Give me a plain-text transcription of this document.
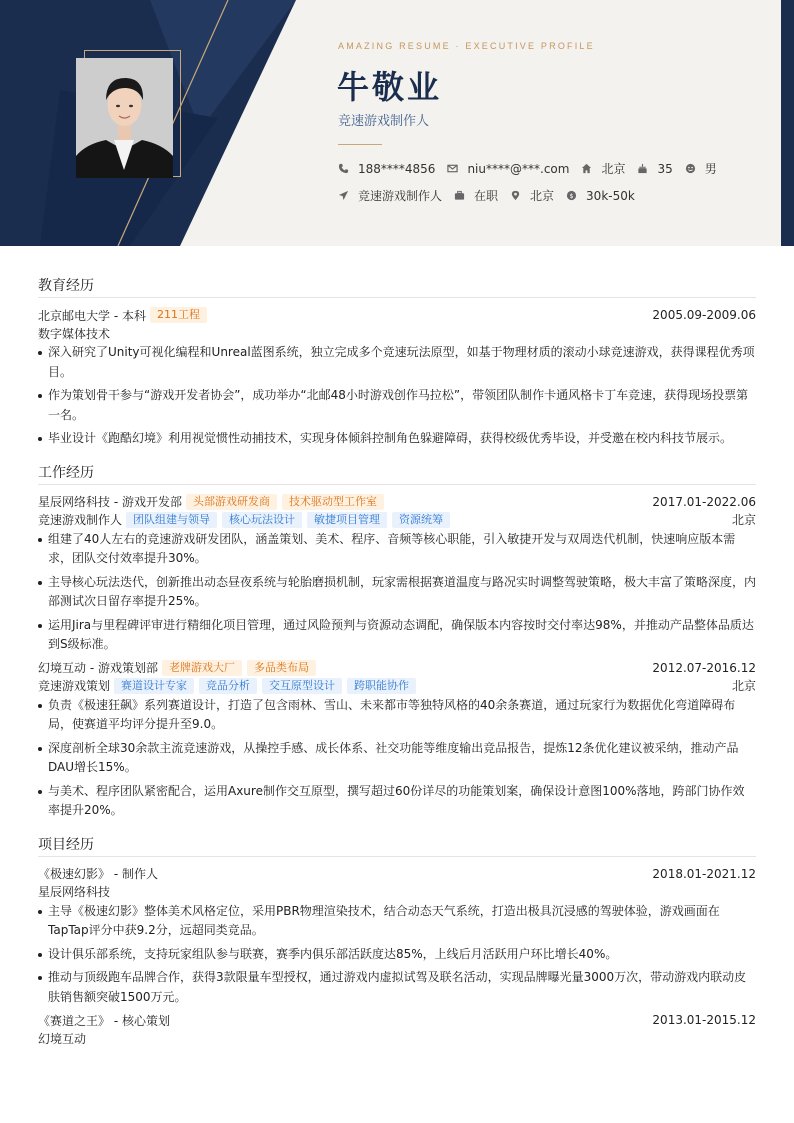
AMAZING RESUME · EXECUTIVE PROFILE
牛敬业
竞速游戏制作人
188****4856	niu****@***.com	北京	35	男
竞速游戏制作人	在职	北京 $ 30k-50k
教育经历
北京邮电大学 - 本科	211工程	2005.09-2009.06
数字媒体技术
深入研究了Unity可视化编程和Unreal蓝图系统，独立完成多个竞速玩法原型，如基于物理材质的滚动小球竞速游戏，获得课程优秀项目。
作为策划骨干参与“游戏开发者协会”，成功举办“北邮48小时游戏创作马拉松”，带领团队制作卡通风格卡丁车竞速，获得现场投票第一名。
毕业设计《跑酷幻境》利用视觉惯性动捕技术，实现身体倾斜控制角色躲避障碍，获得校级优秀毕设，并受邀在校内科技节展示。
工作经历
星辰网络科技 - 游戏开发部	头部游戏研发商	技术驱动型工作室	2017.01-2022.06
竞速游戏制作人	团队组建与领导	核心玩法设计	敏捷项目管理	资源统筹	北京
组建了40人左右的竞速游戏研发团队，涵盖策划、美术、程序、音频等核心职能，引入敏捷开发与双周迭代机制，快速响应版本需求，团队交付效率提升30%。
主导核心玩法迭代，创新推出动态昼夜系统与轮胎磨损机制，玩家需根据赛道温度与路况实时调整驾驶策略，极大丰富了策略深度，内部测试次日留存率提升25%。
运用Jira与里程碑评审进行精细化项目管理，通过风险预判与资源动态调配，确保版本内容按时交付率达98%，并推动产品整体品质达到S级标准。
幻境互动 - 游戏策划部	老牌游戏大厂	多品类布局	2012.07-2016.12
竞速游戏策划	赛道设计专家	竞品分析	交互原型设计	跨职能协作	北京
负责《极速狂飙》系列赛道设计，打造了包含雨林、雪山、未来都市等独特风格的40余条赛道，通过玩家行为数据优化弯道障碍布局，使赛道平均评分提升至9.0。
深度剖析全球30余款主流竞速游戏，从操控手感、成长体系、社交功能等维度输出竞品报告，提炼12条优化建议被采纳，推动产品DAU增长15%。
与美术、程序团队紧密配合，运用Axure制作交互原型，撰写超过60份详尽的功能策划案，确保设计意图100%落地，跨部门协作效率提升20%。
项目经历
《极速幻影》 - 制作人	2018.01-2021.12
星辰网络科技
主导《极速幻影》整体美术风格定位，采用PBR物理渲染技术，结合动态天气系统，打造出极具沉浸感的驾驶体验，游戏画面在TapTap评分中获9.2分，远超同类竞品。
设计俱乐部系统，支持玩家组队参与联赛，赛季内俱乐部活跃度达85%，上线后月活跃用户环比增长40%。
推动与顶级跑车品牌合作，获得3款限量车型授权，通过游戏内虚拟试驾及联名活动，实现品牌曝光量3000万次，带动游戏内联动皮肤销售额突破1500万元。
《赛道之王》 - 核心策划	2013.01-2015.12
幻境互动
